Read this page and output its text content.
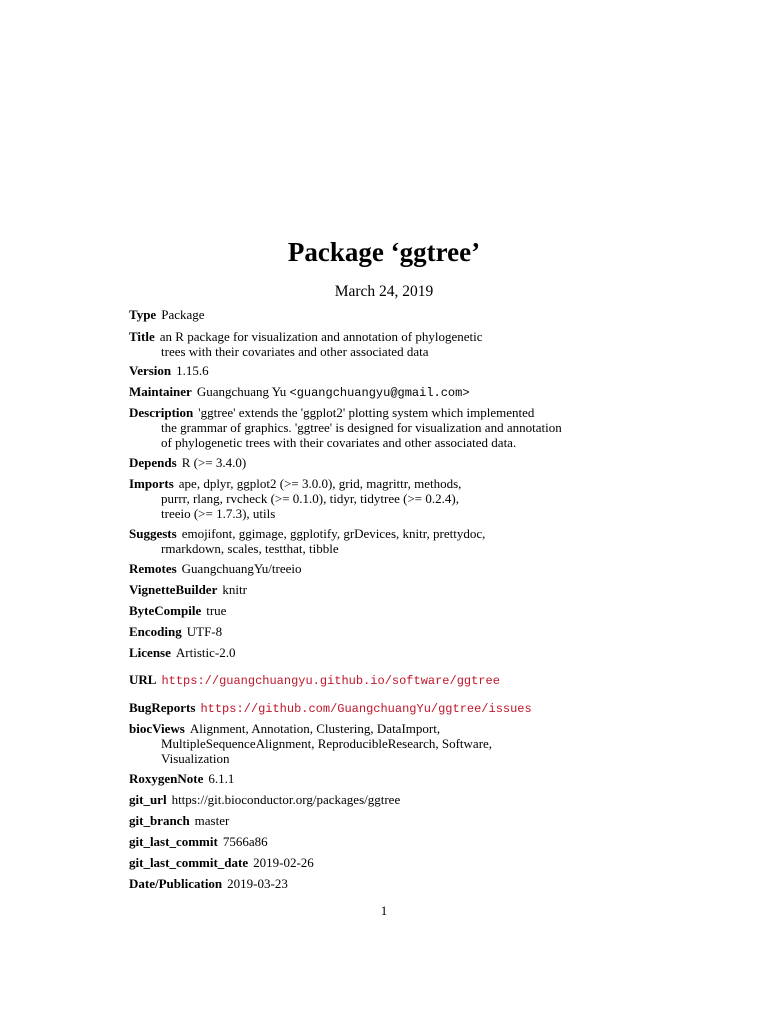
Package ‘ggtree’
March 24, 2019
Type Package
Title an R package for visualization and annotation of phylogenetic
trees with their covariates and other associated data
Version 1.15.6
Maintainer Guangchuang Yu <guangchuangyu@gmail.com>
Description 'ggtree' extends the 'ggplot2' plotting system which implemented
the grammar of graphics. 'ggtree' is designed for visualization and annotation
of phylogenetic trees with their covariates and other associated data.
Depends R (>= 3.4.0)
Imports ape, dplyr, ggplot2 (>= 3.0.0), grid, magrittr, methods,
purrr, rlang, rvcheck (>= 0.1.0), tidyr, tidytree (>= 0.2.4),
treeio (>= 1.7.3), utils
Suggests emojifont, ggimage, ggplotify, grDevices, knitr, prettydoc,
rmarkdown, scales, testthat, tibble
Remotes GuangchuangYu/treeio
VignetteBuilder knitr
ByteCompile true
Encoding UTF-8
License Artistic-2.0
URL https://guangchuangyu.github.io/software/ggtree
BugReports https://github.com/GuangchuangYu/ggtree/issues
biocViews Alignment, Annotation, Clustering, DataImport,
MultipleSequenceAlignment, ReproducibleResearch, Software,
Visualization
RoxygenNote 6.1.1
git_url https://git.bioconductor.org/packages/ggtree
git_branch master
git_last_commit 7566a86
git_last_commit_date 2019-02-26
Date/Publication 2019-03-23
1
